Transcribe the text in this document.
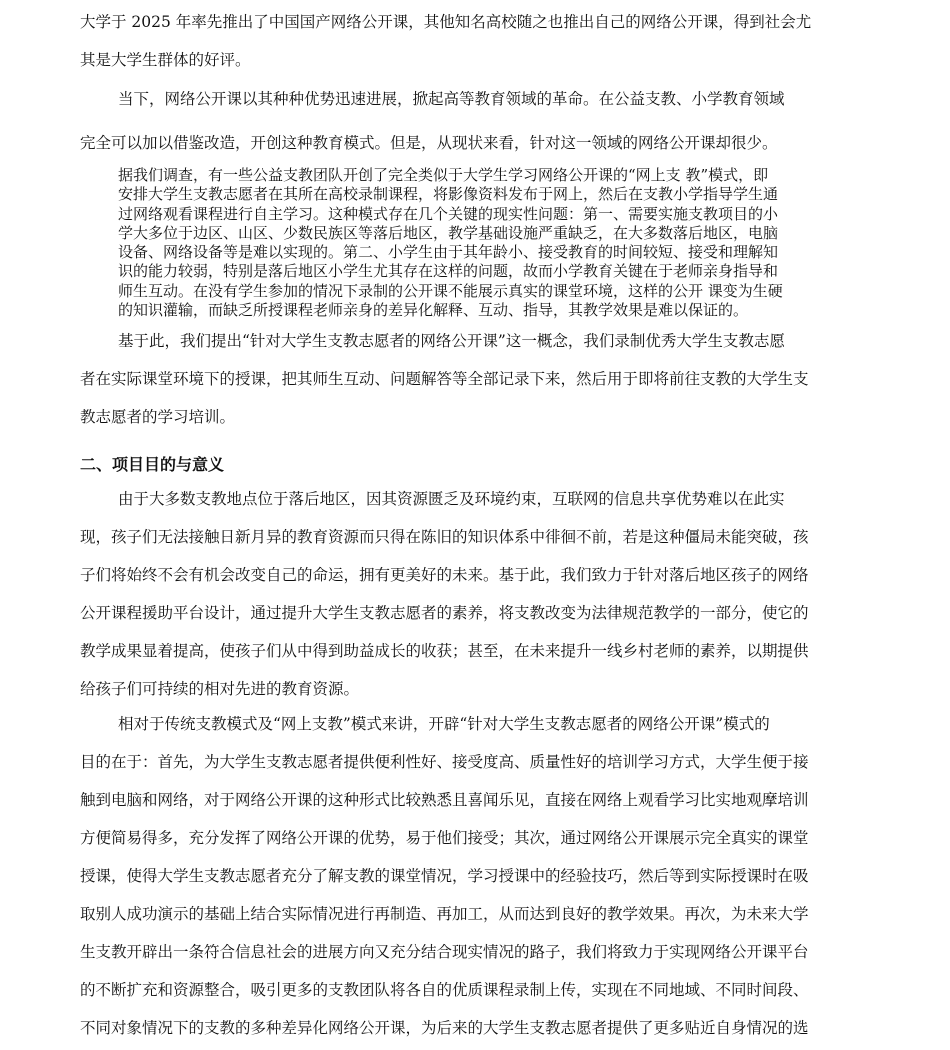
大学于 2025 年率先推出了中国国产网络公开课，其他知名高校随之也推出自己的网络公开课，得到社会尤

其是大学生群体的好评。

当下，网络公开课以其种种优势迅速进展，掀起高等教育领域的革命。在公益支教、小学教育领域

完全可以加以借鉴改造，开创这种教育模式。但是，从现状来看，针对这一领域的网络公开课却很少。

据我们调查，有一些公益支教团队开创了完全类似于大学生学习网络公开课的“网上支 教”模式，即

安排大学生支教志愿者在其所在高校录制课程，将影像资料发布于网上，然后在支教小学指导学生通

过网络观看课程进行自主学习。这种模式存在几个关键的现实性问题：第一、需要实施支教项目的小

学大多位于边区、山区、少数民族区等落后地区，教学基础设施严重缺乏，在大多数落后地区，电脑

设备、网络设备等是难以实现的。第二、小学生由于其年龄小、接受教育的时间较短、接受和理解知

识的能力较弱，特别是落后地区小学生尤其存在这样的问题，故而小学教育关键在于老师亲身指导和

师生互动。在没有学生参加的情况下录制的公开课不能展示真实的课堂环境，这样的公开 课变为生硬

的知识灌输，而缺乏所授课程老师亲身的差异化解释、互动、指导，其教学效果是难以保证的。

基于此，我们提出“针对大学生支教志愿者的网络公开课”这一概念，我们录制优秀大学生支教志愿

者在实际课堂环境下的授课，把其师生互动、问题解答等全部记录下来，然后用于即将前往支教的大学生支

教志愿者的学习培训。

二、项目目的与意义

由于大多数支教地点位于落后地区，因其资源匮乏及环境约束，互联网的信息共享优势难以在此实

现，孩子们无法接触日新月异的教育资源而只得在陈旧的知识体系中徘徊不前，若是这种僵局未能突破，孩

子们将始终不会有机会改变自己的命运，拥有更美好的未来。基于此，我们致力于针对落后地区孩子的网络

公开课程援助平台设计，通过提升大学生支教志愿者的素养，将支教改变为法律规范教学的一部分，使它的

教学成果显着提高，使孩子们从中得到助益成长的收获；甚至，在未来提升一线乡村老师的素养，以期提供

给孩子们可持续的相对先进的教育资源。

相对于传统支教模式及“网上支教”模式来讲，开辟“针对大学生支教志愿者的网络公开课”模式的

目的在于：首先，为大学生支教志愿者提供便利性好、接受度高、质量性好的培训学习方式，大学生便于接

触到电脑和网络，对于网络公开课的这种形式比较熟悉且喜闻乐见，直接在网络上观看学习比实地观摩培训

方便简易得多，充分发挥了网络公开课的优势，易于他们接受；其次，通过网络公开课展示完全真实的课堂

授课，使得大学生支教志愿者充分了解支教的课堂情况，学习授课中的经验技巧，然后等到实际授课时在吸

取别人成功演示的基础上结合实际情况进行再制造、再加工，从而达到良好的教学效果。再次，为未来大学

生支教开辟出一条符合信息社会的进展方向又充分结合现实情况的路子，我们将致力于实现网络公开课平台

的不断扩充和资源整合，吸引更多的支教团队将各自的优质课程录制上传，实现在不同地域、不同时间段、

不同对象情况下的支教的多种差异化网络公开课，为后来的大学生支教志愿者提供了更多贴近自身情况的选
